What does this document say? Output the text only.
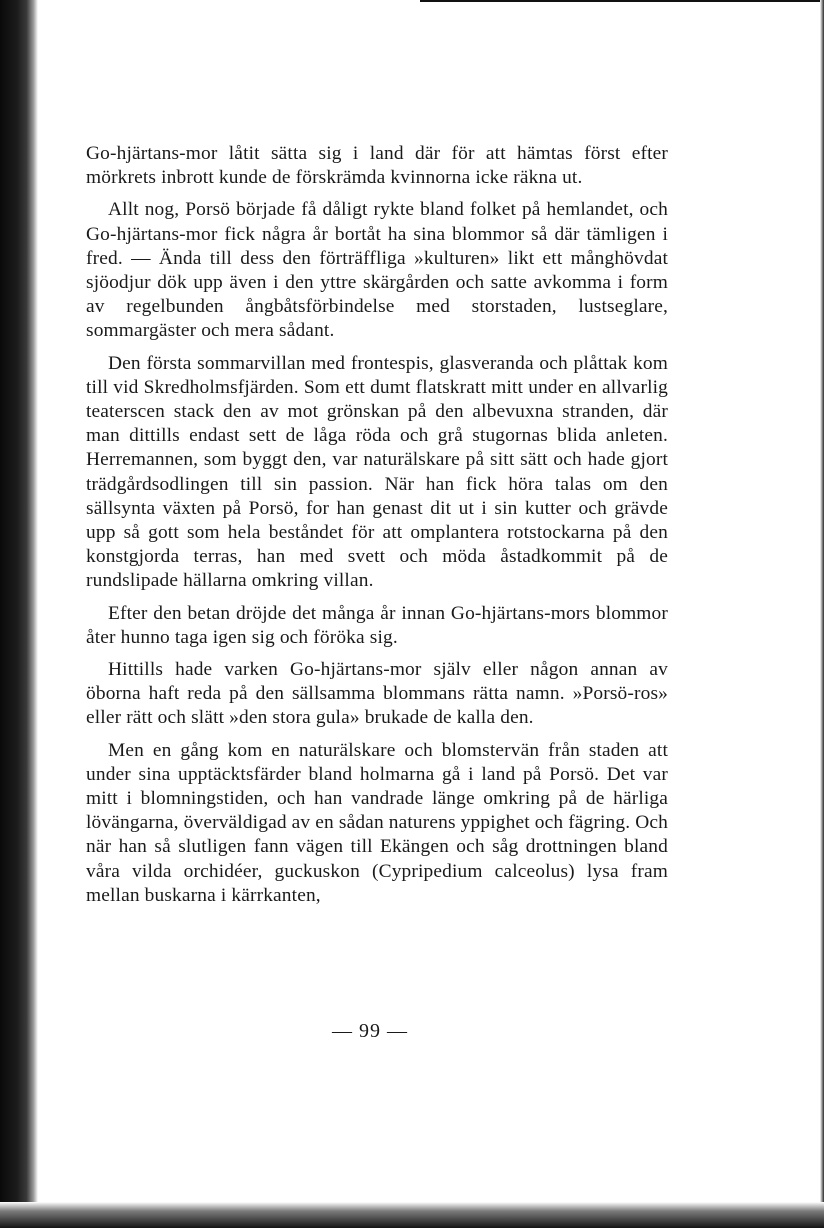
Go-hjärtans-mor låtit sätta sig i land där för att hämtas först efter mörkrets inbrott kunde de förskrämda kvinnorna icke räkna ut.

Allt nog, Porsö började få dåligt rykte bland folket på hemlandet, och Go-hjärtans-mor fick några år bortåt ha sina blommor så där tämligen i fred. — Ända till dess den förträffliga »kulturen» likt ett månghövdat sjöodjur dök upp även i den yttre skärgården och satte avkomma i form av regelbunden ångbåtsförbindelse med storstaden, lustseglare, sommargäster och mera sådant.

Den första sommarvillan med frontespis, glasveranda och plåttak kom till vid Skredholmsfjärden. Som ett dumt flatskratt mitt under en allvarlig teaterscen stack den av mot grönskan på den albevuxna stranden, där man dittills endast sett de låga röda och grå stugornas blida anleten. Herremannen, som byggt den, var naturälskare på sitt sätt och hade gjort trädgårdsodlingen till sin passion. När han fick höra talas om den sällsynta växten på Porsö, for han genast dit ut i sin kutter och grävde upp så gott som hela beståndet för att omplantera rotstockarna på den konstgjorda terras, han med svett och möda åstadkommit på de rundslipade hällarna omkring villan.

Efter den betan dröjde det många år innan Go-hjärtans-mors blommor åter hunno taga igen sig och föröka sig.

Hittills hade varken Go-hjärtans-mor själv eller någon annan av öborna haft reda på den sällsamma blommans rätta namn. »Porsö-ros» eller rätt och slätt »den stora gula» brukade de kalla den.

Men en gång kom en naturälskare och blomstervän från staden att under sina upptäcktsfärder bland holmarna gå i land på Porsö. Det var mitt i blomningstiden, och han vandrade länge omkring på de härliga lövängarna, överväldigad av en sådan naturens yppighet och fägring. Och när han så slutligen fann vägen till Ekängen och såg drottningen bland våra vilda orchidéer, guckuskon (Cypripedium calceolus) lysa fram mellan buskarna i kärrkanten,

— 99 —
